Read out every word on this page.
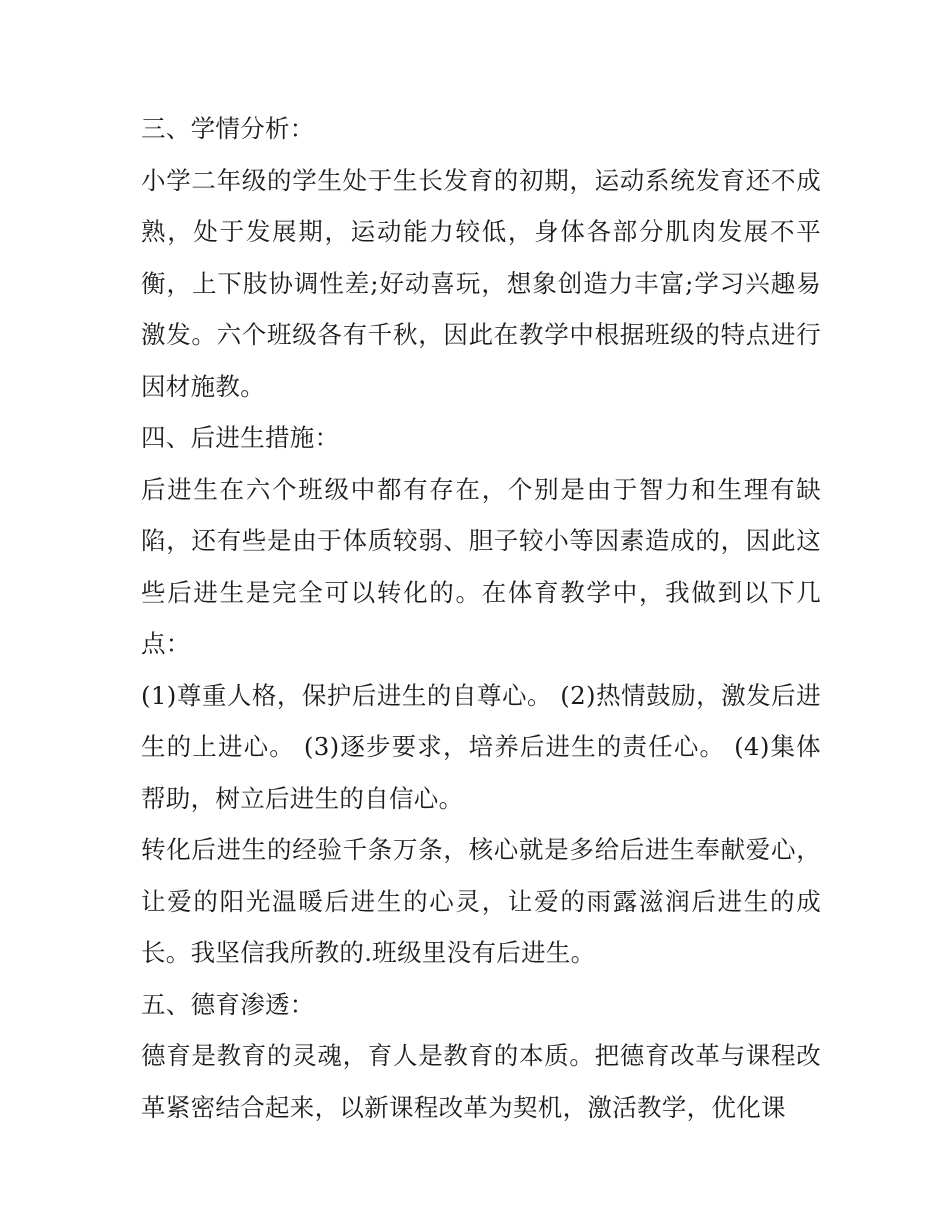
三、学情分析：

小学二年级的学生处于生长发育的初期，运动系统发育还不成熟，处于发展期，运动能力较低，身体各部分肌肉发展不平衡，上下肢协调性差;好动喜玩，想象创造力丰富;学习兴趣易激发。六个班级各有千秋，因此在教学中根据班级的特点进行因材施教。

四、后进生措施：

后进生在六个班级中都有存在，个别是由于智力和生理有缺陷，还有些是由于体质较弱、胆子较小等因素造成的，因此这些后进生是完全可以转化的。在体育教学中，我做到以下几点：

(1)尊重人格，保护后进生的自尊心。 (2)热情鼓励，激发后进生的上进心。 (3)逐步要求，培养后进生的责任心。 (4)集体帮助，树立后进生的自信心。

转化后进生的经验千条万条，核心就是多给后进生奉献爱心，让爱的阳光温暖后进生的心灵，让爱的雨露滋润后进生的成长。我坚信我所教的.班级里没有后进生。

五、德育渗透：

德育是教育的灵魂，育人是教育的本质。把德育改革与课程改革紧密结合起来，以新课程改革为契机，激活教学，优化课
